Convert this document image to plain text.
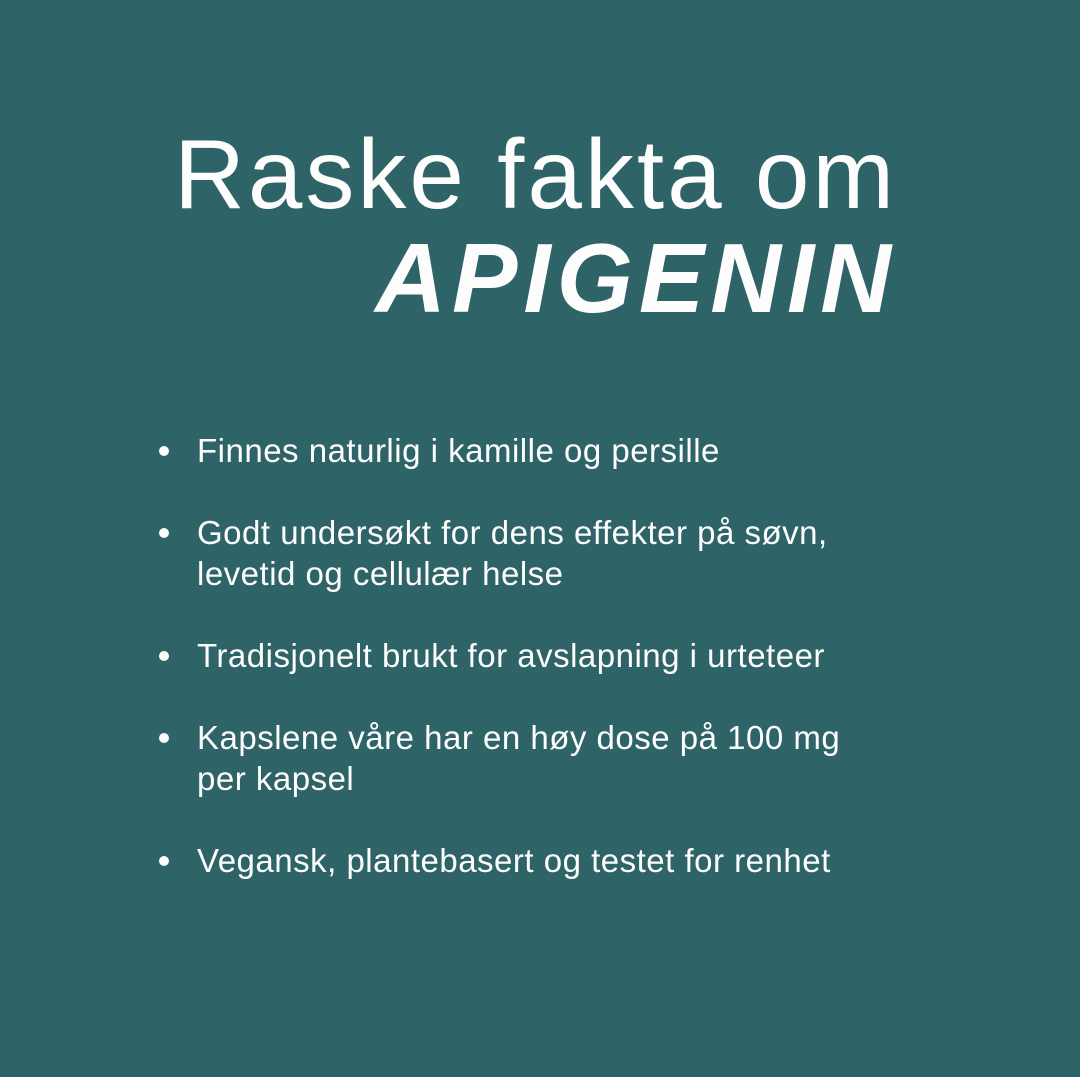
Raske fakta om
APIGENIN
Finnes naturlig i kamille og persille
Godt undersøkt for dens effekter på søvn,
levetid og cellulær helse
Tradisjonelt brukt for avslapning i urteteer
Kapslene våre har en høy dose på 100 mg
per kapsel
Vegansk, plantebasert og testet for renhet
